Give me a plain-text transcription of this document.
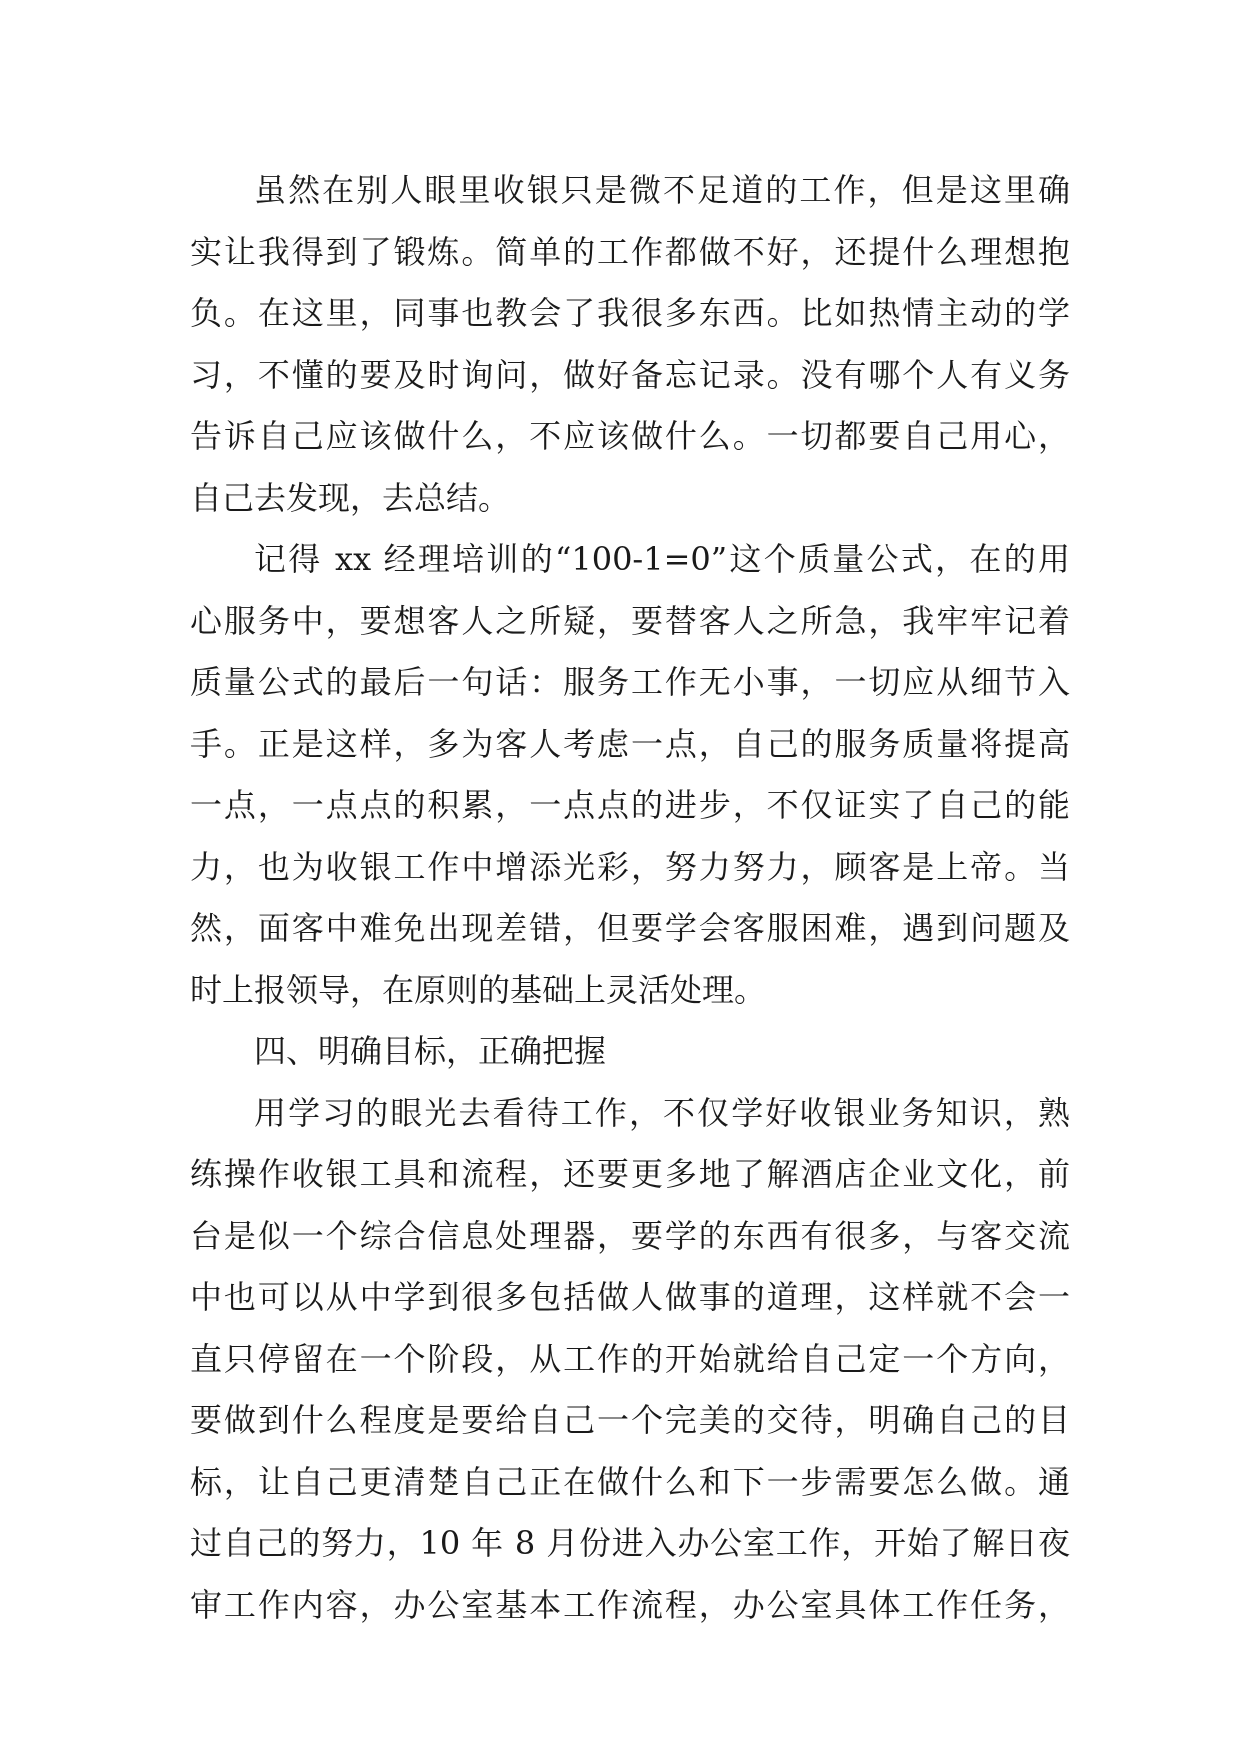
虽然在别人眼里收银只是微不足道的工作，但是这里确
实让我得到了锻炼。简单的工作都做不好，还提什么理想抱
负。在这里，同事也教会了我很多东西。比如热情主动的学
习，不懂的要及时询问，做好备忘记录。没有哪个人有义务
告诉自己应该做什么，不应该做什么。一切都要自己用心，
自己去发现，去总结。
记得 xx 经理培训的“100-1=0”这个质量公式，在的用
心服务中，要想客人之所疑，要替客人之所急，我牢牢记着
质量公式的最后一句话：服务工作无小事，一切应从细节入
手。正是这样，多为客人考虑一点，自己的服务质量将提高
一点，一点点的积累，一点点的进步，不仅证实了自己的能
力，也为收银工作中增添光彩，努力努力，顾客是上帝。当
然，面客中难免出现差错，但要学会客服困难，遇到问题及
时上报领导，在原则的基础上灵活处理。
四、明确目标，正确把握
用学习的眼光去看待工作，不仅学好收银业务知识，熟
练操作收银工具和流程，还要更多地了解酒店企业文化，前
台是似一个综合信息处理器，要学的东西有很多，与客交流
中也可以从中学到很多包括做人做事的道理，这样就不会一
直只停留在一个阶段，从工作的开始就给自己定一个方向，
要做到什么程度是要给自己一个完美的交待，明确自己的目
标，让自己更清楚自己正在做什么和下一步需要怎么做。通
过自己的努力，10 年 8 月份进入办公室工作，开始了解日夜
审工作内容，办公室基本工作流程，办公室具体工作任务，
